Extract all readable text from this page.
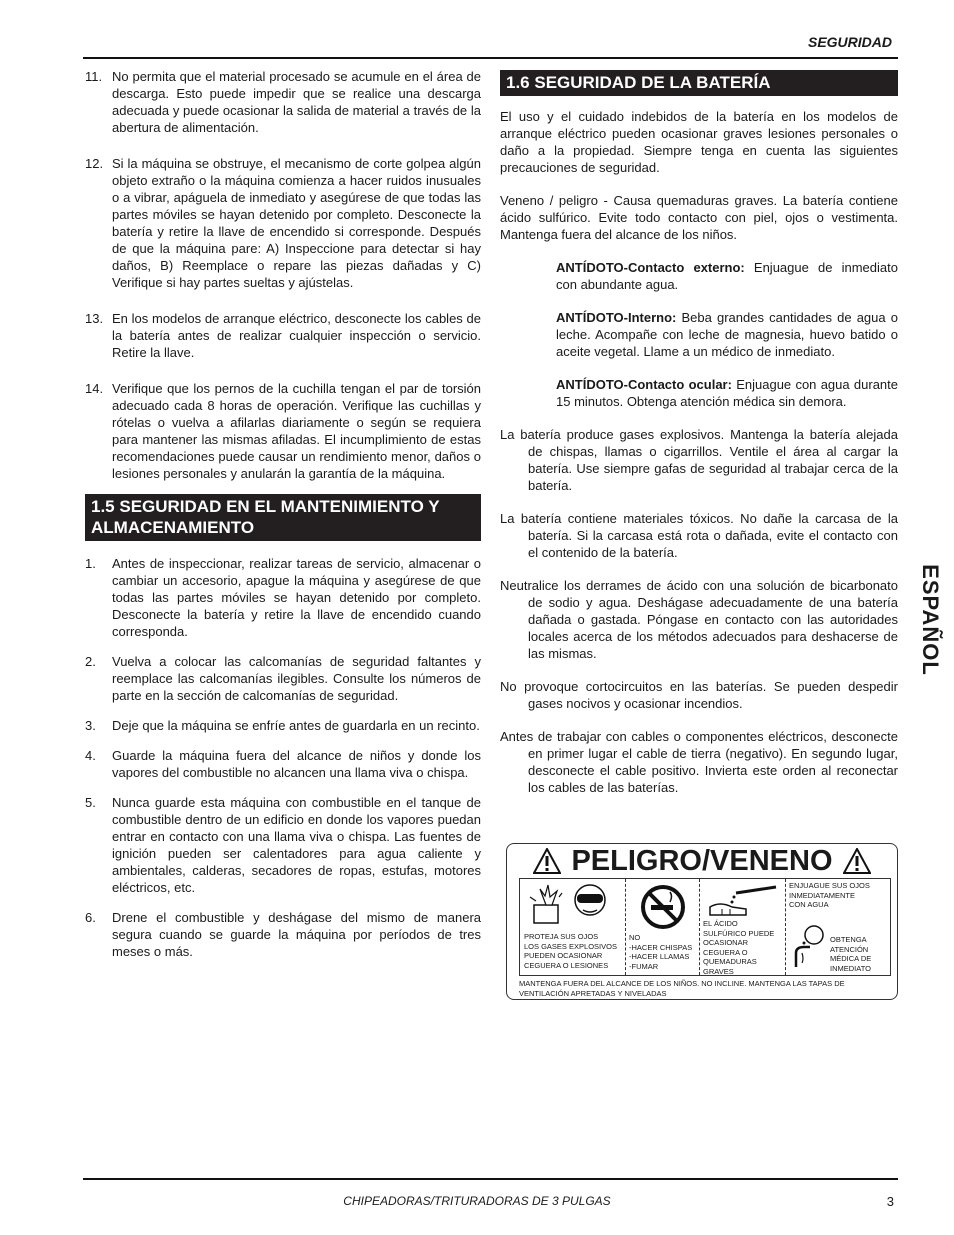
SEGURIDAD
ESPAÑOL
11. No permita que el material procesado se acumule en el área de descarga. Esto puede impedir que se realice una descarga adecuada y puede ocasionar la salida de material a través de la abertura de alimentación.
12. Si la máquina se obstruye, el mecanismo de corte golpea algún objeto extraño o la máquina comienza a hacer ruidos inusuales o a vibrar, apáguela de inmediato y asegúrese de que todas las partes móviles se hayan detenido por completo. Desconecte la batería y retire la llave de encendido si corresponde. Después de que la máquina pare: A) Inspeccione para detectar si hay daños, B) Reemplace o repare las piezas dañadas y C) Verifique si hay partes sueltas y ajústelas.
13. En los modelos de arranque eléctrico, desconecte los cables de la batería antes de realizar cualquier inspección o servicio. Retire la llave.
14. Verifique que los pernos de la cuchilla tengan el par de torsión adecuado cada 8 horas de operación. Verifique las cuchillas y rótelas o vuelva a afilarlas diariamente o según se requiera para mantener las mismas afiladas. El incumplimiento de estas recomendaciones puede causar un rendimiento menor, daños o lesiones personales y anularán la garantía de la máquina.
1.5 SEGURIDAD EN EL MANTENIMIENTO Y ALMACENAMIENTO
1.	Antes de inspeccionar, realizar tareas de servicio, almacenar o cambiar un accesorio, apague la máquina y asegúrese de que todas las partes móviles se hayan detenido por completo. Desconecte la batería y retire la llave de encendido cuando corresponda.
2.	Vuelva a colocar las calcomanías de seguridad faltantes y reemplace las calcomanías ilegibles. Consulte los números de parte en la sección de calcomanías de seguridad.
3.	Deje que la máquina se enfríe antes de guardarla en un recinto.
4.	Guarde la máquina fuera del alcance de niños y donde los vapores del combustible no alcancen una llama viva o chispa.
5.	Nunca guarde esta máquina con combustible en el tanque de combustible dentro de un edificio en donde los vapores puedan entrar en contacto con una llama viva o chispa. Las fuentes de ignición pueden ser calentadores para agua caliente y ambientales, calderas, secadores de ropas, estufas, motores eléctricos, etc.
6.	Drene el combustible y deshágase del mismo de manera segura cuando se guarde la máquina por períodos de tres meses o más.
1.6 SEGURIDAD DE LA BATERÍA

El uso y el cuidado indebidos de la batería en los modelos de arranque eléctrico pueden ocasionar graves lesiones personales o daño a la propiedad. Siempre tenga en cuenta las siguientes precauciones de seguridad.

Veneno / peligro - Causa quemaduras graves. La batería contiene ácido sulfúrico. Evite todo contacto con piel, ojos o vestimenta. Mantenga fuera del alcance de los niños.

ANTÍDOTO-Contacto externo: Enjuague de inmediato con abundante agua.

ANTÍDOTO-Interno: Beba grandes cantidades de agua o leche. Acompañe con leche de magnesia, huevo batido o aceite vegetal. Llame a un médico de inmediato.

ANTÍDOTO-Contacto ocular: Enjuague con agua durante 15 minutos. Obtenga atención médica sin demora.

La batería produce gases explosivos. Mantenga la batería alejada de chispas, llamas o cigarrillos. Ventile el área al cargar la batería. Use siempre gafas de seguridad al trabajar cerca de la batería.

La batería contiene materiales tóxicos. No dañe la carcasa de la batería. Si la carcasa está rota o dañada, evite el contacto con el contenido de la batería.

Neutralice los derrames de ácido con una solución de bicarbonato de sodio y agua. Deshágase adecuadamente de una batería dañada o gastada. Póngase en contacto con las autoridades locales acerca de los métodos adecuados para deshacerse de las mismas.

No provoque cortocircuitos en las baterías. Se pueden despedir gases nocivos y ocasionar incendios.

Antes de trabajar con cables o componentes eléctricos, desconecte en primer lugar el cable de tierra (negativo). En segundo lugar, desconecte el cable positivo. Invierta este orden al reconectar los cables de las baterías.

PELIGRO/VENENO
PROTEJA SUS OJOS
LOS GASES EXPLOSIVOS
PUEDEN OCASIONAR
CEGUERA O LESIONES
NO
-HACER CHISPAS
-HACER LLAMAS
-FUMAR
EL ÁCIDO
SULFÚRICO PUEDE
OCASIONAR
CEGUERA O
QUEMADURAS
GRAVES
ENJUAGUE SUS OJOS
INMEDIATAMENTE
CON AGUA
OBTENGA
ATENCIÓN
MÉDICA DE
INMEDIATO
MANTENGA FUERA DEL ALCANCE DE LOS NIÑOS. NO INCLINE. MANTENGA LAS TAPAS DE VENTILACIÓN APRETADAS Y NIVELADAS
CHIPEADORAS/TRITURADORAS DE 3 PULGAS	3
